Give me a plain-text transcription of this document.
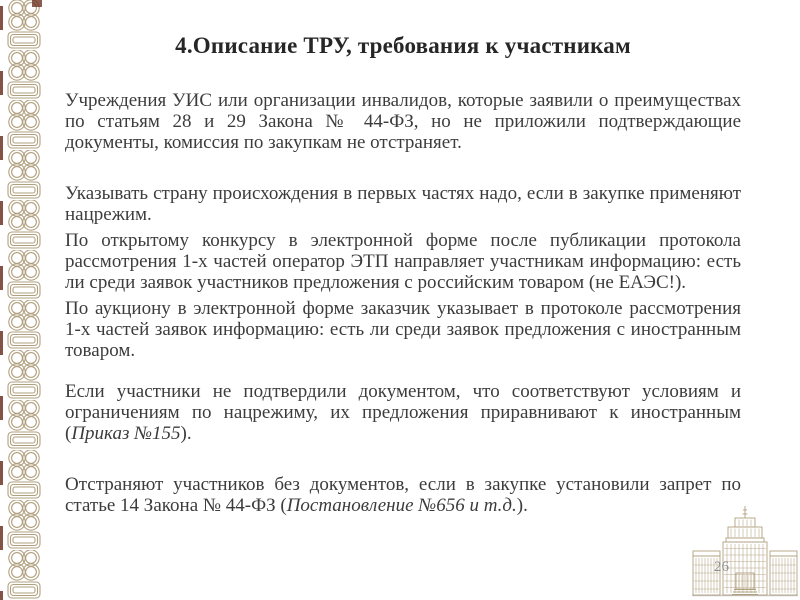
4.Описание ТРУ, требования к участникам

Учреждения УИС или организации инвалидов, которые заявили о преимуществах по статьям 28 и 29 Закона № 44-ФЗ, но не приложили подтверждающие документы, комиссия по закупкам не отстраняет.

Указывать страну происхождения в первых частях надо, если в закупке применяют нацрежим.

По открытому конкурсу в электронной форме после публикации протокола рассмотрения 1-х частей оператор ЭТП направляет участникам информацию: есть ли среди заявок участников предложения с российским товаром (не ЕАЭС!).

По аукциону в электронной форме заказчик указывает в протоколе рассмотрения 1-х частей заявок информацию: есть ли среди заявок предложения с иностранным товаром.

Если участники не подтвердили документом, что соответствуют условиям и ограничениям по нацрежиму, их предложения приравнивают к иностранным (Приказ №155).

Отстраняют участников без документов, если в закупке установили запрет по статье 14 Закона № 44-ФЗ (Постановление №656 и т.д.).

26
